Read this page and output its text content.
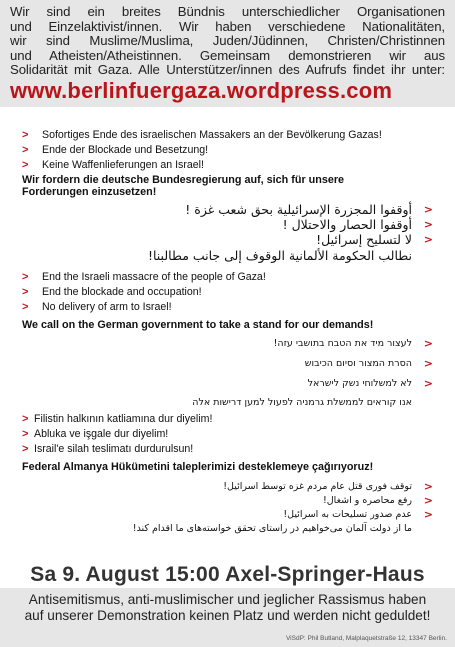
Wir sind ein breites Bündnis unterschiedlicher Organisationen
und Einzelaktivist/innen. Wir haben verschiedene Nationalitäten,
wir sind Muslime/Muslima, Juden/Jüdinnen, Christen/Christinnen
und Atheisten/Atheistinnen. Gemeinsam demonstrieren wir aus
Solidarität mit Gaza. Alle Unterstützer/innen des Aufrufs findet ihr unter:
www.berlinfuergaza.wordpress.com
> Sofortiges Ende des israelischen Massakers an der Bevölkerung Gazas!
> Ende der Blockade und Besetzung!
> Keine Waffenlieferungen an Israel!
Wir fordern die deutsche Bundesregierung auf, sich für unsere
Forderungen einzusetzen!
<
أوقفوا المجزرة الإسرائيلية بحق شعب غزة !
<
أوقفوا الحصار والاحتلال !
<
لا لتسليح إسرائيل!
نطالب الحكومة الألمانية الوقوف إلى جانب مطالبنا!
> End the Israeli massacre of the people of Gaza!
> End the blockade and occupation!
> No delivery of arm to Israel!
We call on the German government to take a stand for our demands!
<
לעצור מיד את הטבח בתושבי עזה!
<
הסרת המצור וסיום הכיבוש
<
לא למשלוחי נשק לישראל
אנו קוראים לממשלת גרמניה לפעול למען דרישות אלה
> Filistin halkının katliamına dur diyelim!
> Abluka ve işgale dur diyelim!
> Israil'e silah teslimatı durdurulsun!
Federal Almanya Hükümetini taleplerimizi desteklemeye çağırıyoruz!
<
توقف فوری قتل عام مردم غزه توسط اسرائیل!
<
رفع محاصره و اشغال!
<
عدم صدور تسلیحات به اسرائیل!
ما از دولت آلمان می‌خواهیم در راستای تحقق خواسته‌های ما اقدام کند!
Sa 9. August 15:00 Axel-Springer-Haus
Antisemitismus, anti-muslimischer und jeglicher Rassismus haben
auf unserer Demonstration keinen Platz und werden nicht geduldet!
ViSdP: Phil Butland, Malplaquetstraße 12, 13347 Berlin.
